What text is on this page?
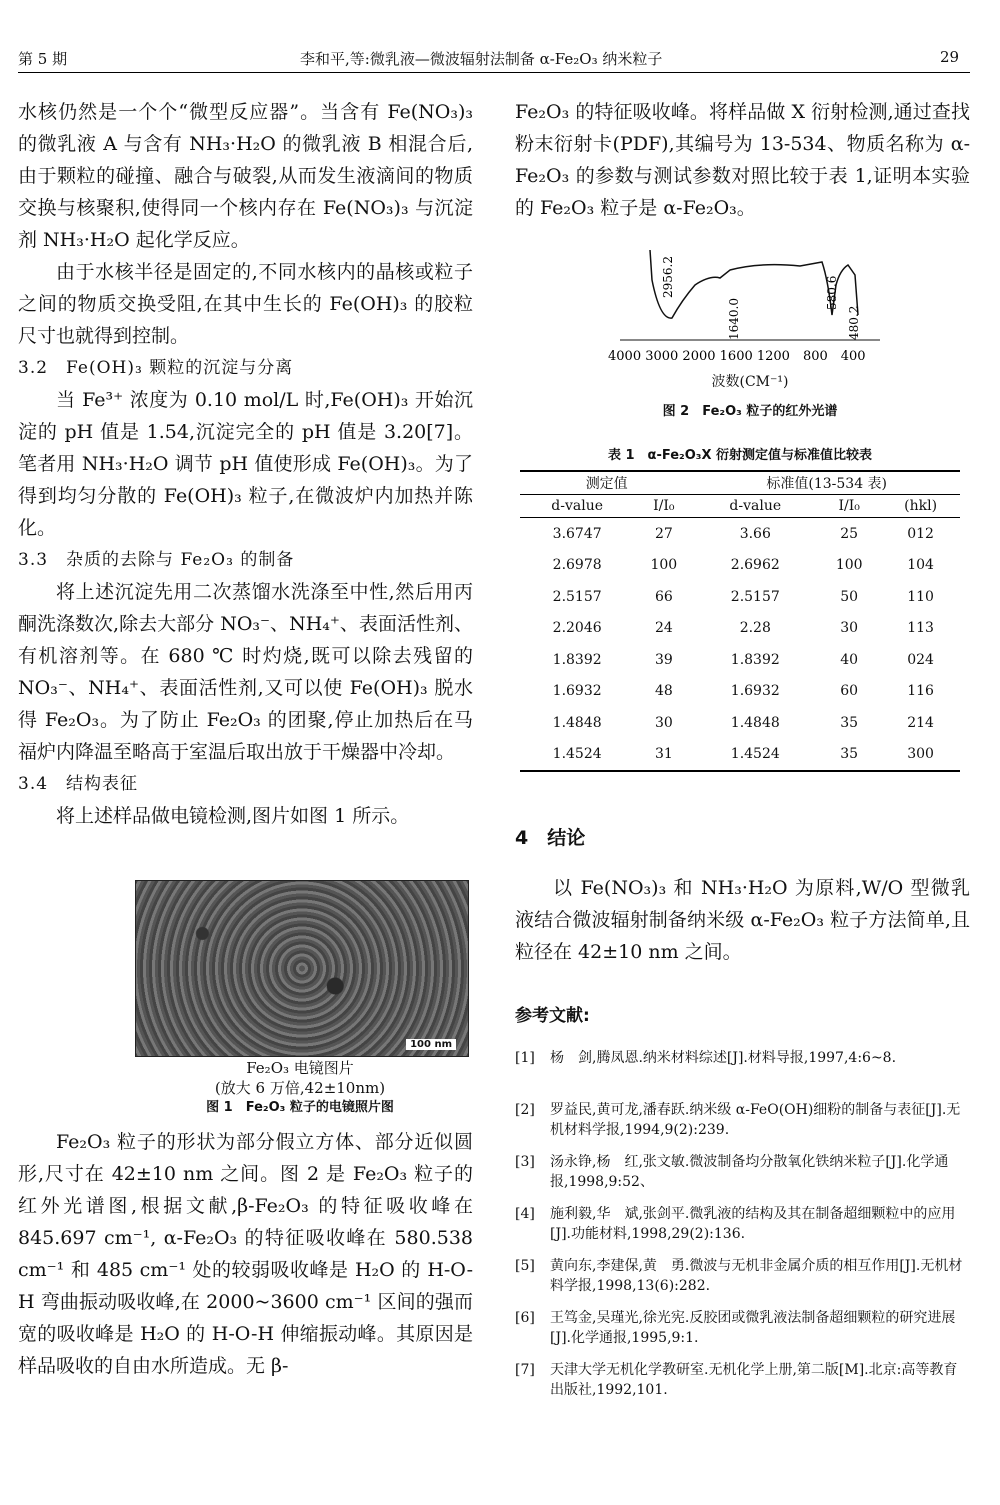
第 5 期	李和平,等:微乳液—微波辐射法制备 α-Fe₂O₃ 纳米粒子	29

水核仍然是一个个“微型反应器”。当含有 Fe(NO₃)₃ 的微乳液 A 与含有 NH₃·H₂O 的微乳液 B 相混合后,由于颗粒的碰撞、融合与破裂,从而发生液滴间的物质交换与核聚积,使得同一个核内存在 Fe(NO₃)₃ 与沉淀剂 NH₃·H₂O 起化学反应。

由于水核半径是固定的,不同水核内的晶核或粒子之间的物质交换受阻,在其中生长的 Fe(OH)₃ 的胶粒尺寸也就得到控制。

3.2　Fe(OH)₃ 颗粒的沉淀与分离

当 Fe³⁺ 浓度为 0.10 mol/L 时,Fe(OH)₃ 开始沉淀的 pH 值是 1.54,沉淀完全的 pH 值是 3.20[7]。笔者用 NH₃·H₂O 调节 pH 值使形成 Fe(OH)₃。为了得到均匀分散的 Fe(OH)₃ 粒子,在微波炉内加热并陈化。

3.3　杂质的去除与 Fe₂O₃ 的制备

将上述沉淀先用二次蒸馏水洗涤至中性,然后用丙酮洗涤数次,除去大部分 NO₃⁻、NH₄⁺、表面活性剂、有机溶剂等。在 680 ℃ 时灼烧,既可以除去残留的 NO₃⁻、NH₄⁺、表面活性剂,又可以使 Fe(OH)₃ 脱水得 Fe₂O₃。为了防止 Fe₂O₃ 的团聚,停止加热后在马福炉内降温至略高于室温后取出放于干燥器中冷却。

3.4　结构表征

将上述样品做电镜检测,图片如图 1 所示。

100 nm
Fe₂O₃ 电镜图片
(放大 6 万倍,42±10nm)
图 1　Fe₂O₃ 粒子的电镜照片图

Fe₂O₃ 粒子的形状为部分假立方体、部分近似圆形,尺寸在 42±10 nm 之间。图 2 是 Fe₂O₃ 粒子的红外光谱图,根据文献,β-Fe₂O₃ 的特征吸收峰在 845.697 cm⁻¹, α-Fe₂O₃ 的特征吸收峰在 580.538 cm⁻¹ 和 485 cm⁻¹ 处的较弱吸收峰是 H₂O 的 H-O-H 弯曲振动吸收峰,在 2000~3600 cm⁻¹ 区间的强而宽的吸收峰是 H₂O 的 H-O-H 伸缩振动峰。其原因是样品吸收的自由水所造成。无 β-

Fe₂O₃ 的特征吸收峰。将样品做 X 衍射检测,通过查找粉末衍射卡(PDF),其编号为 13-534、物质名称为 α-Fe₂O₃ 的参数与测试参数对照比较于表 1,证明本实验的 Fe₂O₃ 粒子是 α-Fe₂O₃。

2956.2
1640.0
580.6
480.2
4000 3000 2000 1600 1200　800　400
波数(CM⁻¹)
图 2　Fe₂O₃ 粒子的红外光谱
表 1　α-Fe₂O₃X 衍射测定值与标准值比较表
测定值		标准值(13-534 表)		
d-value	I/I₀	d-value	I/I₀	(hkl)
3.6747	27	3.66	25	012
2.6978	100	2.6962	100	104
2.5157	66	2.5157	50	110
2.2046	24	2.28	30	113
1.8392	39	1.8392	40	024
1.6932	48	1.6932	60	116
1.4848	30	1.4848	35	214
1.4524	31	1.4524	35	300

4　结论

以 Fe(NO₃)₃ 和 NH₃·H₂O 为原料,W/O 型微乳液结合微波辐射制备纳米级 α-Fe₂O₃ 粒子方法简单,且粒径在 42±10 nm 之间。

参考文献:

[1] 杨　剑,腾凤恩.纳米材料综述[J].材料导报,1997,4:6~8.
[2] 罗益民,黄可龙,潘春跃.纳米级 α-FeO(OH)细粉的制备与表征[J].无机材料学报,1994,9(2):239.
[3] 汤永铮,杨　红,张文敏.微波制备均分散氧化铁纳米粒子[J].化学通报,1998,9:52、
[4] 施利毅,华　斌,张剑平.微乳液的结构及其在制备超细颗粒中的应用[J].功能材料,1998,29(2):136.
[5] 黄向东,李建保,黄　勇.微波与无机非金属介质的相互作用[J].无机材料学报,1998,13(6):282.
[6] 王笃金,吴瑾光,徐光宪.反胶团或微乳液法制备超细颗粒的研究进展[J].化学通报,1995,9:1.
[7] 天津大学无机化学教研室.无机化学上册,第二版[M].北京:高等教育出版社,1992,101.
